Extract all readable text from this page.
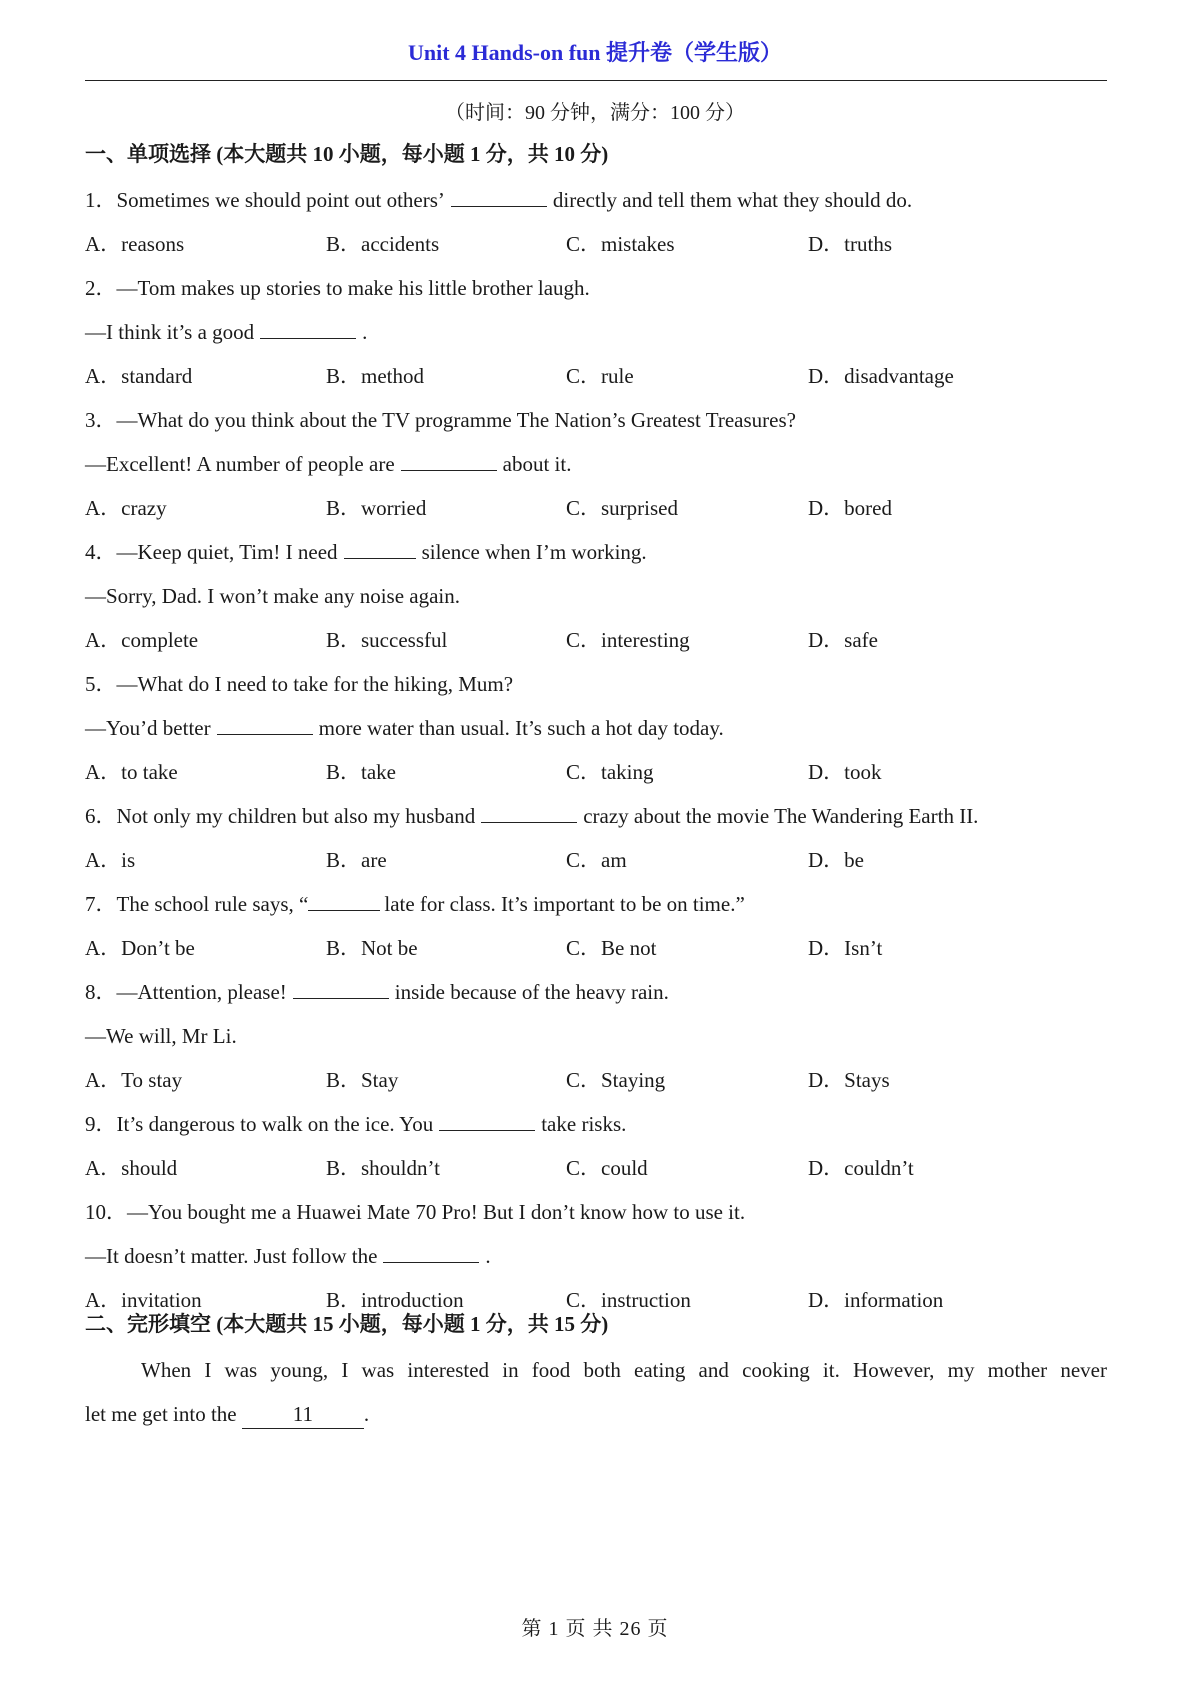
Unit 4 Hands-on fun 提升卷（学生版）
（时间：90 分钟，满分：100 分）
一、单项选择 (本大题共 10 小题，每小题 1 分，共 10 分)
1．Sometimes we should point out others’	directly and tell them what they should do.
A．reasons	B．accidents	C．mistakes	D．truths
2．—Tom makes up stories to make his little brother laugh.
—I think it’s a good	.
A．standard	B．method	C．rule	D．disadvantage
3．—What do you think about the TV programme The Nation’s Greatest Treasures?
—Excellent! A number of people are	about it.
A．crazy	B．worried	C．surprised	D．bored
4．—Keep quiet, Tim! I need	silence when I’m working.
—Sorry, Dad. I won’t make any noise again.
A．complete	B．successful	C．interesting	D．safe
5．—What do I need to take for the hiking, Mum?
—You’d better	more water than usual. It’s such a hot day today.
A．to take	B．take	C．taking	D．took
6．Not only my children but also my husband	crazy about the movie The Wandering Earth II.
A．is	B．are	C．am	D．be
7．The school rule says, “	late for class. It’s important to be on time.”
A．Don’t be	B．Not be	C．Be not	D．Isn’t
8．—Attention, please!	inside because of the heavy rain.
—We will, Mr Li.
A．To stay	B．Stay	C．Staying	D．Stays
9．It’s dangerous to walk on the ice. You	take risks.
A．should	B．shouldn’t	C．could	D．couldn’t
10．—You bought me a Huawei Mate 70 Pro! But I don’t know how to use it.
—It doesn’t matter. Just follow the	.
A．invitation	B．introduction	C．instruction	D．information
二、完形填空 (本大题共 15 小题，每小题 1 分，共 15 分)
When I was young, I was interested in food both eating and cooking it. However, my mother never
let me get into the	11 .
第 1 页 共 26 页
